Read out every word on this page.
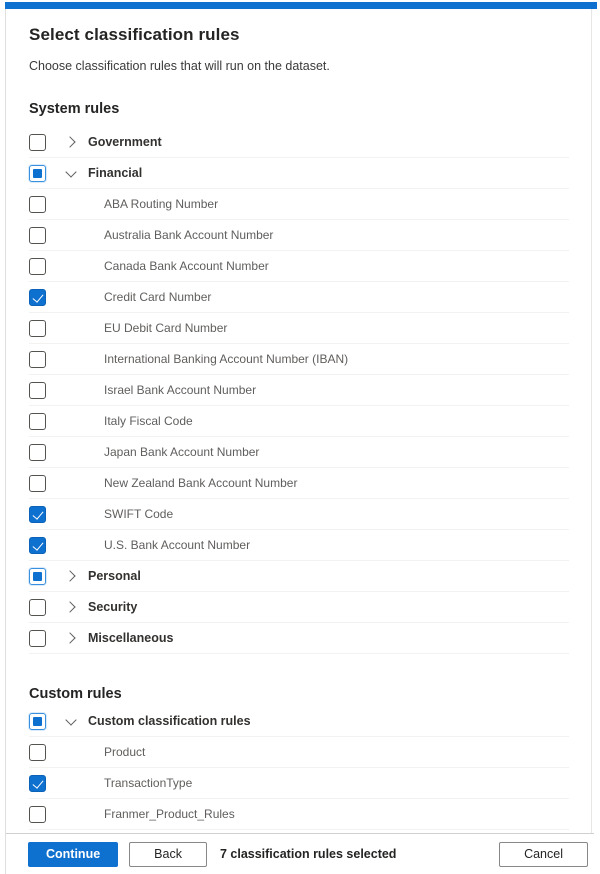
Select classification rules
Choose classification rules that will run on the dataset.
System rules
Government
Financial
ABA Routing Number
Australia Bank Account Number
Canada Bank Account Number
Credit Card Number
EU Debit Card Number
International Banking Account Number (IBAN)
Israel Bank Account Number
Italy Fiscal Code
Japan Bank Account Number
New Zealand Bank Account Number
SWIFT Code
U.S. Bank Account Number
Personal
Security
Miscellaneous
Custom rules
Custom classification rules
Product
TransactionType
Franmer_Product_Rules
Continue	Back	7 classification rules selected	Cancel
